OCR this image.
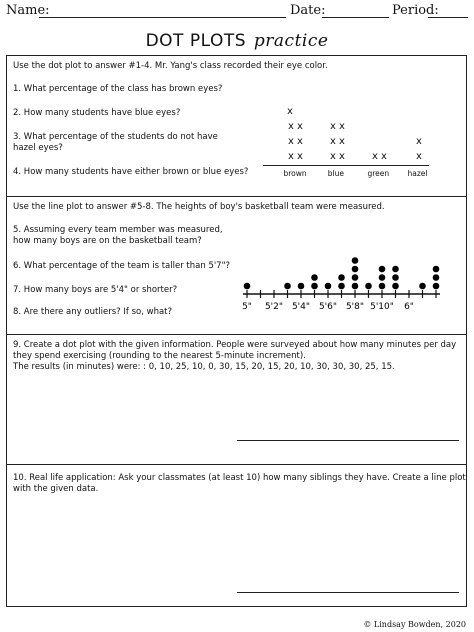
Name:	Date:	Period:
DOT PLOTS practice
Use the dot plot to answer #1-4. Mr. Yang's class recorded their eye color.
1. What percentage of the class has brown eyes?
2. How many students have blue eyes?
3. What percentage of the students do not have
hazel eyes?
4. How many students have either brown or blue eyes?
x x
x x
x x
x
brown
x x
x x
x x
blue
x x
green
x
x
hazel
Use the line plot to answer #5-8. The heights of boy's basketball team were measured.
5. Assuming every team member was measured,
how many boys are on the basketball team?
6. What percentage of the team is taller than 5'7"?
7. How many boys are 5'4" or shorter?
8. Are there any outliers? If so, what?	5" 5'2" 5'4" 5'6" 5'8" 5'10" 6"
9. Create a dot plot with the given information. People were surveyed about how many minutes per day
they spend exercising (rounding to the nearest 5-minute increment).
The results (in minutes) were: : 0, 10, 25, 10, 0, 30, 15, 20, 15, 20, 10, 30, 30, 30, 25, 15.
10. Real life application: Ask your classmates (at least 10) how many siblings they have. Create a line plot
with the given data.
© Lindsay Bowden, 2020
